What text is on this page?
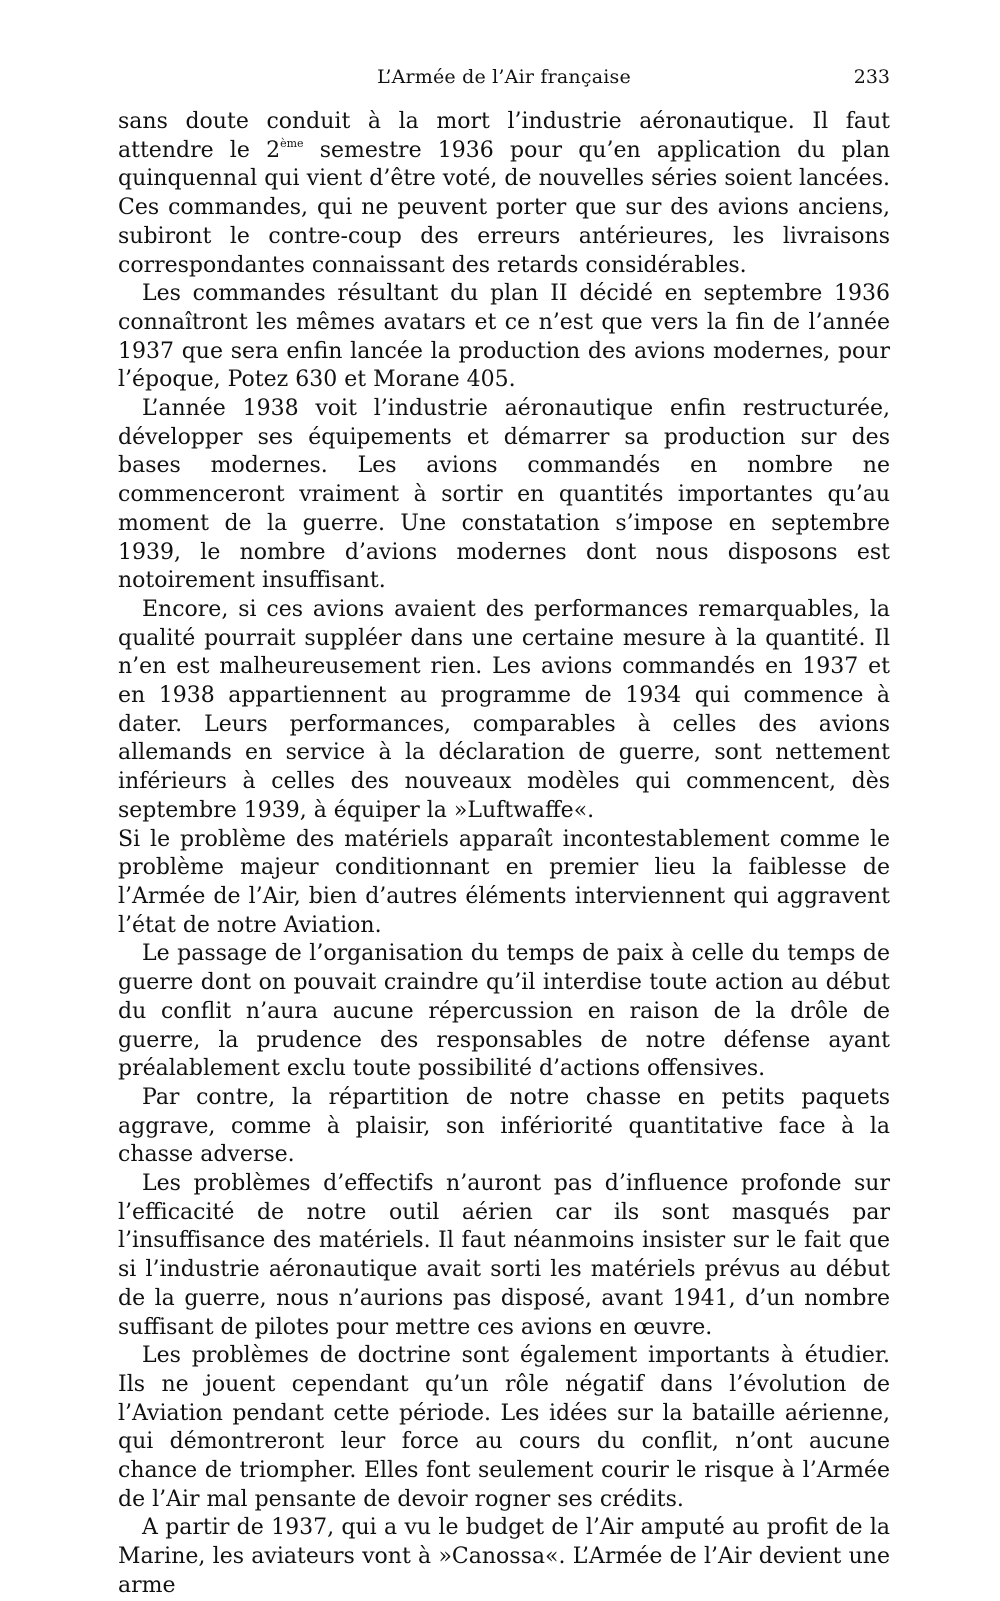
L’Armée de l’Air française	233

sans doute conduit à la mort l’industrie aéronautique. Il faut attendre le 2ème semestre 1936 pour qu’en application du plan quinquennal qui vient d’être voté, de nouvelles séries soient lancées. Ces commandes, qui ne peuvent porter que sur des avions anciens, subiront le contre-coup des erreurs antérieures, les livraisons correspondantes connaissant des retards considérables.

Les commandes résultant du plan II décidé en septembre 1936 connaîtront les mêmes avatars et ce n’est que vers la fin de l’année 1937 que sera enfin lancée la production des avions modernes, pour l’époque, Potez 630 et Morane 405.

L’année 1938 voit l’industrie aéronautique enfin restructurée, développer ses équipements et démarrer sa production sur des bases modernes. Les avions commandés en nombre ne commenceront vraiment à sortir en quantités importantes qu’au moment de la guerre. Une constatation s’impose en septembre 1939, le nombre d’avions modernes dont nous disposons est notoirement insuffisant.

Encore, si ces avions avaient des performances remarquables, la qualité pourrait suppléer dans une certaine mesure à la quantité. Il n’en est malheureusement rien. Les avions commandés en 1937 et en 1938 appartiennent au programme de 1934 qui commence à dater. Leurs performances, comparables à celles des avions allemands en service à la déclaration de guerre, sont nettement inférieurs à celles des nouveaux modèles qui commencent, dès septembre 1939, à équiper la »Luftwaffe«.

Si le problème des matériels apparaît incontestablement comme le problème majeur conditionnant en premier lieu la faiblesse de l’Armée de l’Air, bien d’autres éléments interviennent qui aggravent l’état de notre Aviation.

Le passage de l’organisation du temps de paix à celle du temps de guerre dont on pouvait craindre qu’il interdise toute action au début du conflit n’aura aucune répercussion en raison de la drôle de guerre, la prudence des responsables de notre défense ayant préalablement exclu toute possibilité d’actions offensives.

Par contre, la répartition de notre chasse en petits paquets aggrave, comme à plaisir, son infériorité quantitative face à la chasse adverse.

Les problèmes d’effectifs n’auront pas d’influence profonde sur l’efficacité de notre outil aérien car ils sont masqués par l’insuffisance des matériels. Il faut néanmoins insister sur le fait que si l’industrie aéronautique avait sorti les matériels prévus au début de la guerre, nous n’aurions pas disposé, avant 1941, d’un nombre suffisant de pilotes pour mettre ces avions en œuvre.

Les problèmes de doctrine sont également importants à étudier. Ils ne jouent cependant qu’un rôle négatif dans l’évolution de l’Aviation pendant cette période. Les idées sur la bataille aérienne, qui démontreront leur force au cours du conflit, n’ont aucune chance de triompher. Elles font seulement courir le risque à l’Armée de l’Air mal pensante de devoir rogner ses crédits.

A partir de 1937, qui a vu le budget de l’Air amputé au profit de la Marine, les aviateurs vont à »Canossa«. L’Armée de l’Air devient une arme
